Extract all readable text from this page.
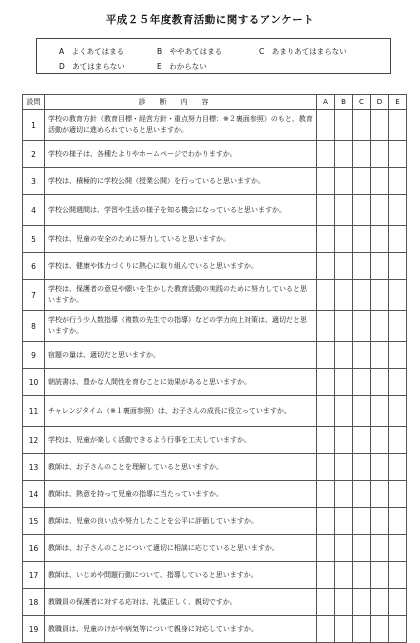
平成２５年度教育活動に関するアンケート
A　よくあてはまる	B　ややあてはまる	C　あまりあてはまらない
D　あてはまらない	E　わからない
設問	診断内容	A	B	C	D	E
1	学校の教育方針（教育目標・経営方針・重点努力目標：※２裏面参照）のもと、教育活動が適切に進められていると思いますか。					
2	学校の様子は、各種たよりやホームページでわかりますか。					
3	学校は、積極的に学校公開（授業公開）を行っていると思いますか。					
4	学校公開週間は、学習や生活の様子を知る機会になっていると思いますか。					
5	学校は、児童の安全のために努力していると思いますか。					
6	学校は、健康や体力づくりに熱心に取り組んでいると思いますか。					
7	学校は、保護者の意見や願いを生かした教育活動の実践のために努力していると思いますか。					
8	学校が行う少人数指導（複数の先生での指導）などの学力向上対策は、適切だと思いますか。					
9	宿題の量は、適切だと思いますか。					
10	朝読書は、豊かな人間性を育むことに効果があると思いますか。					
11	チャレンジタイム（※１裏面参照）は、お子さんの成長に役立っていますか。					
12	学校は、児童が楽しく活動できるよう行事を工夫していますか。					
13	教師は、お子さんのことを理解していると思いますか。					
14	教師は、熱意を持って児童の指導に当たっていますか。					
15	教師は、児童の良い点や努力したことを公平に評価していますか。					
16	教師は、お子さんのことについて適切に相談に応じていると思いますか。					
17	教師は、いじめや問題行動について、指導していると思いますか。					
18	教職員の保護者に対する応対は、礼儀正しく、親切ですか。					
19	教職員は、児童のけがや病気等について親身に対応していますか。					
